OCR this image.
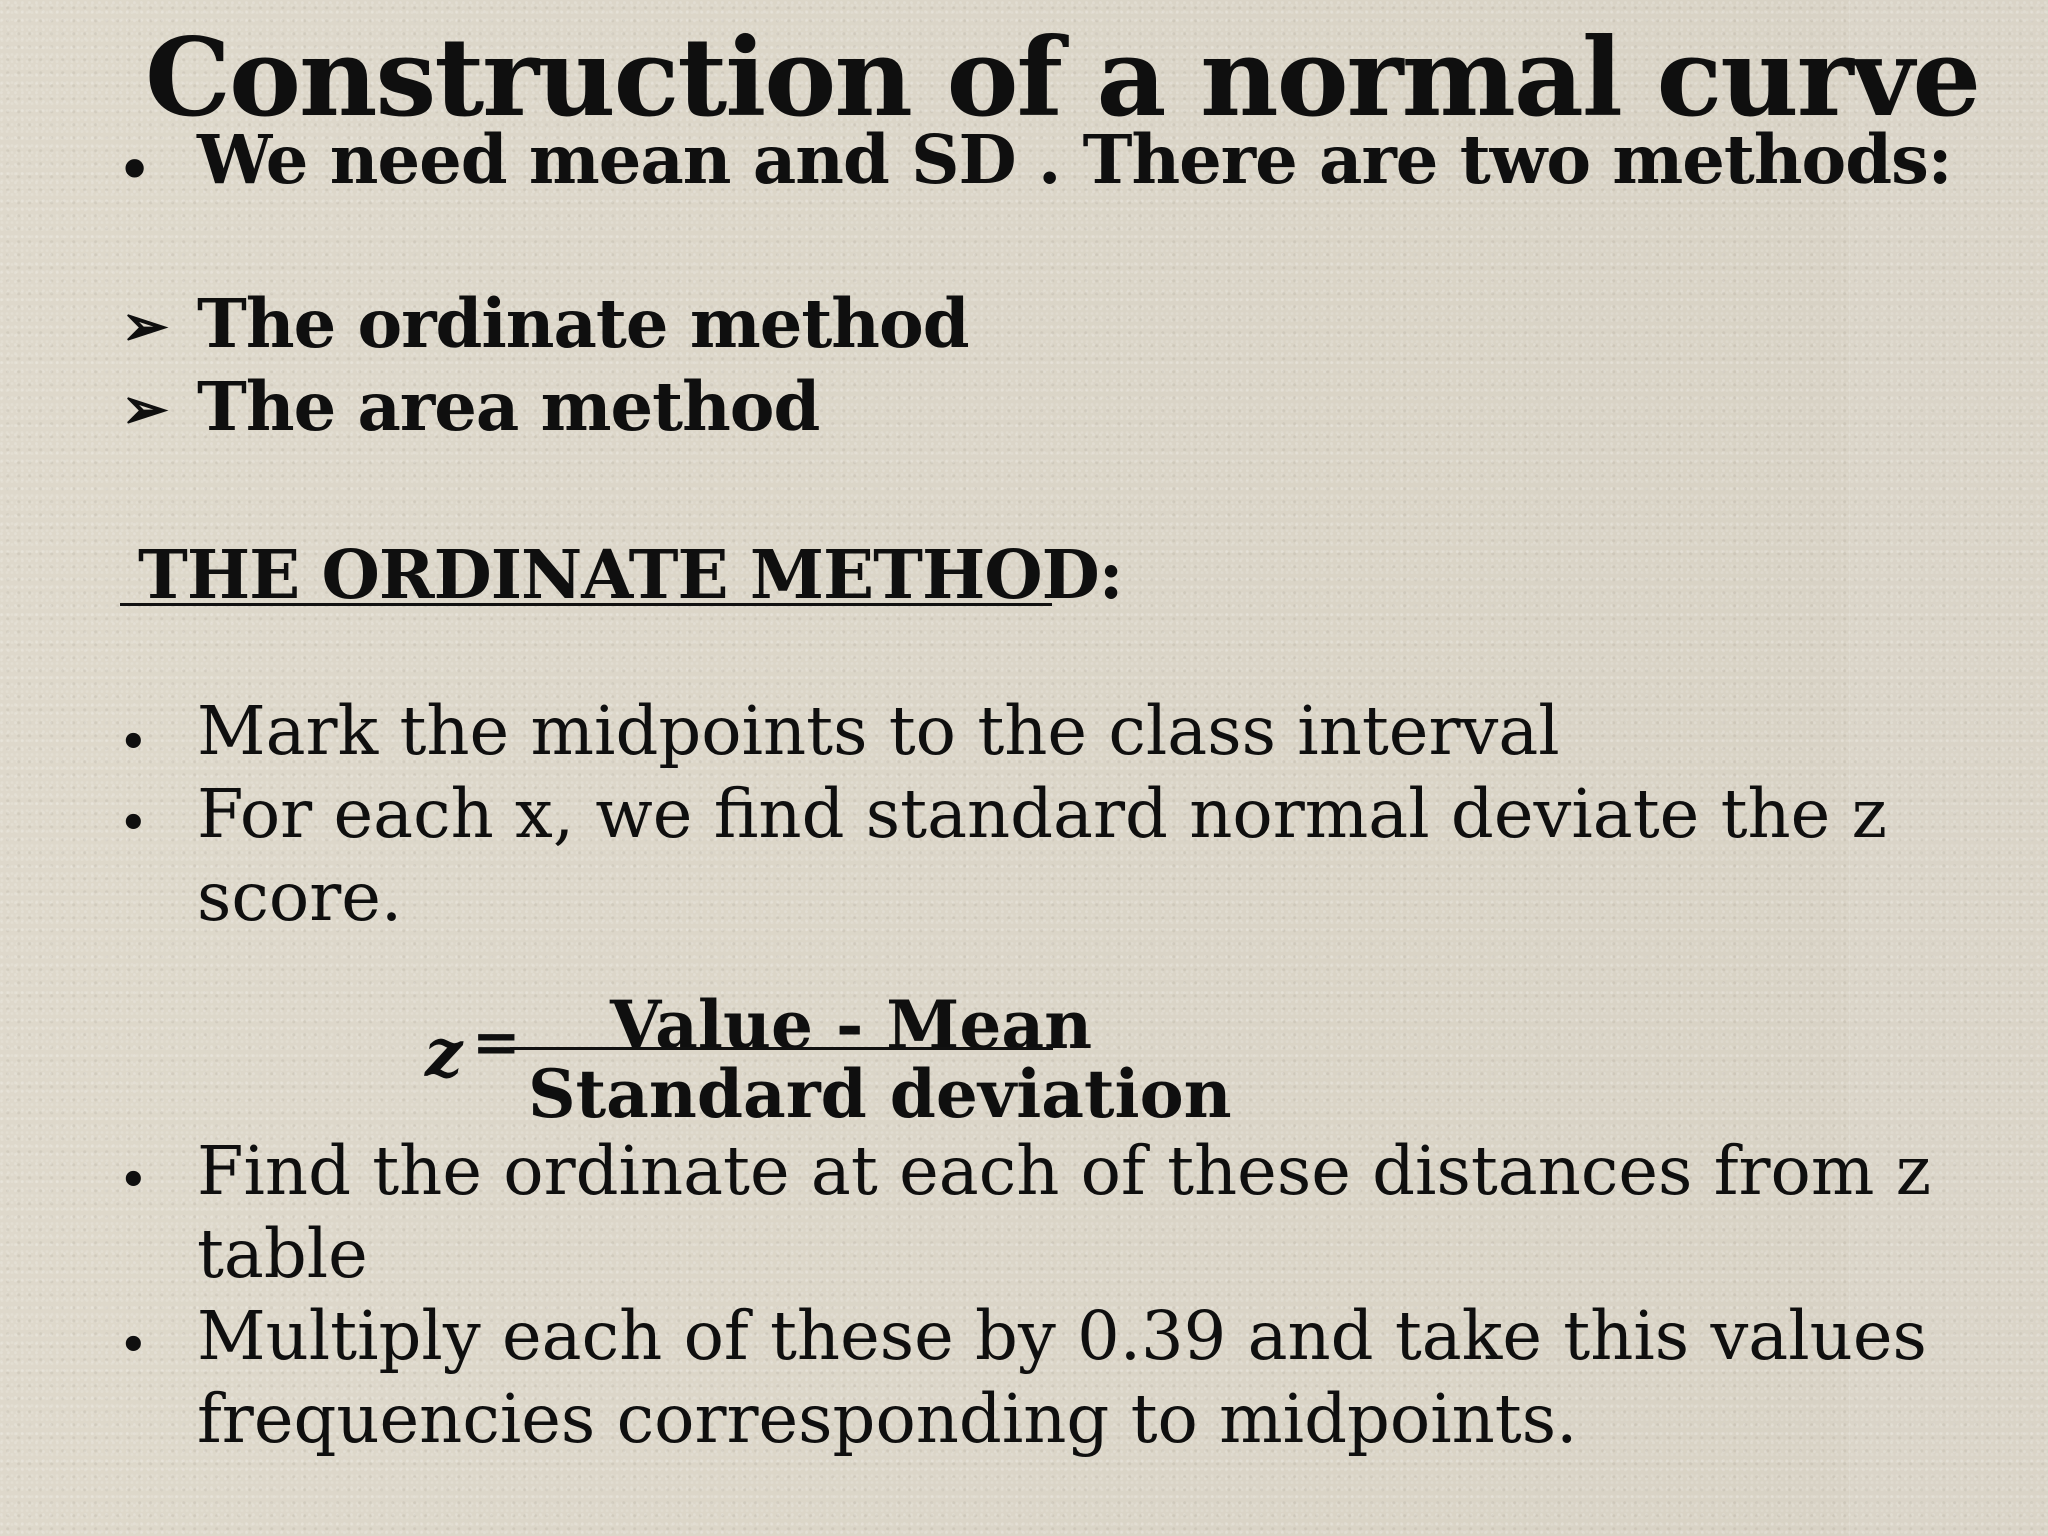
Construction of a normal curve
• We need mean and SD . There are two methods:
➢ The ordinate method
➢ The area method
THE ORDINATE METHOD:
• Mark the midpoints to the class interval
• For each x, we find standard normal deviate the z
score.
z = Value - Mean
Standard deviation
• Find the ordinate at each of these distances from z
table
• Multiply each of these by 0.39 and take this values
frequencies corresponding to midpoints.
